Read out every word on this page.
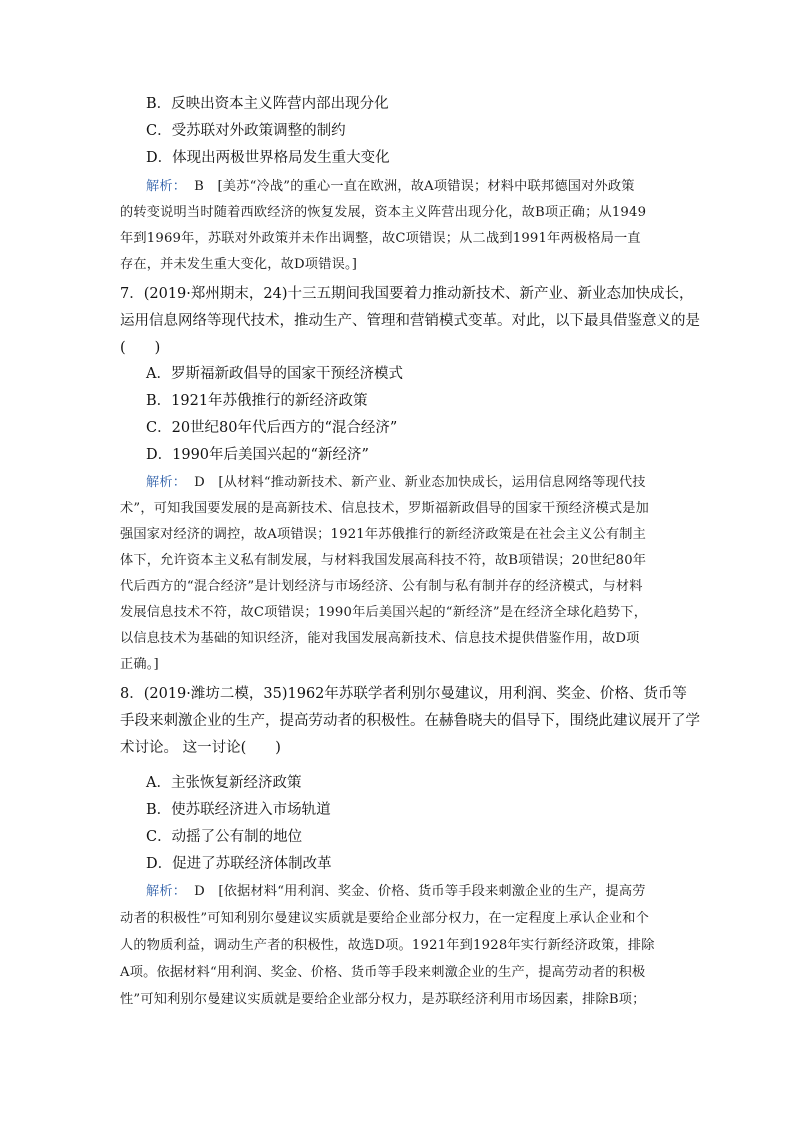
B．反映出资本主义阵营内部出现分化
C．受苏联对外政策调整的制约
D．体现出两极世界格局发生重大变化
解析： B　[美苏“冷战”的重心一直在欧洲，故A项错误；材料中联邦德国对外政策
的转变说明当时随着西欧经济的恢复发展，资本主义阵营出现分化，故B项正确；从1949
年到1969年，苏联对外政策并未作出调整，故C项错误；从二战到1991年两极格局一直
存在，并未发生重大变化，故D项错误。]
7．(2019·郑州期末，24)十三五期间我国要着力推动新技术、新产业、新业态加快成长，
运用信息网络等现代技术，推动生产、管理和营销模式变革。对此，以下最具借鉴意义的是
(　　)
A．罗斯福新政倡导的国家干预经济模式
B．1921年苏俄推行的新经济政策
C．20世纪80年代后西方的“混合经济”
D．1990年后美国兴起的“新经济”
解析： D　[从材料“推动新技术、新产业、新业态加快成长，运用信息网络等现代技
术”，可知我国要发展的是高新技术、信息技术，罗斯福新政倡导的国家干预经济模式是加
强国家对经济的调控，故A项错误；1921年苏俄推行的新经济政策是在社会主义公有制主
体下，允许资本主义私有制发展，与材料我国发展高科技不符，故B项错误；20世纪80年
代后西方的“混合经济”是计划经济与市场经济、公有制与私有制并存的经济模式，与材料
发展信息技术不符，故C项错误；1990年后美国兴起的“新经济”是在经济全球化趋势下，
以信息技术为基础的知识经济，能对我国发展高新技术、信息技术提供借鉴作用，故D项
正确。]
8．(2019·潍坊二模，35)1962年苏联学者利别尔曼建议，用利润、奖金、价格、货币等
手段来刺激企业的生产，提高劳动者的积极性。在赫鲁晓夫的倡导下，围绕此建议展开了学
术讨论。 这一讨论(　　)
A．主张恢复新经济政策
B．使苏联经济进入市场轨道
C．动摇了公有制的地位
D．促进了苏联经济体制改革
解析： D　[依据材料“用利润、奖金、价格、货币等手段来刺激企业的生产，提高劳
动者的积极性”可知利别尔曼建议实质就是要给企业部分权力，在一定程度上承认企业和个
人的物质利益，调动生产者的积极性，故选D项。1921年到1928年实行新经济政策，排除
A项。依据材料“用利润、奖金、价格、货币等手段来刺激企业的生产，提高劳动者的积极
性”可知利别尔曼建议实质就是要给企业部分权力，是苏联经济利用市场因素，排除B项；
